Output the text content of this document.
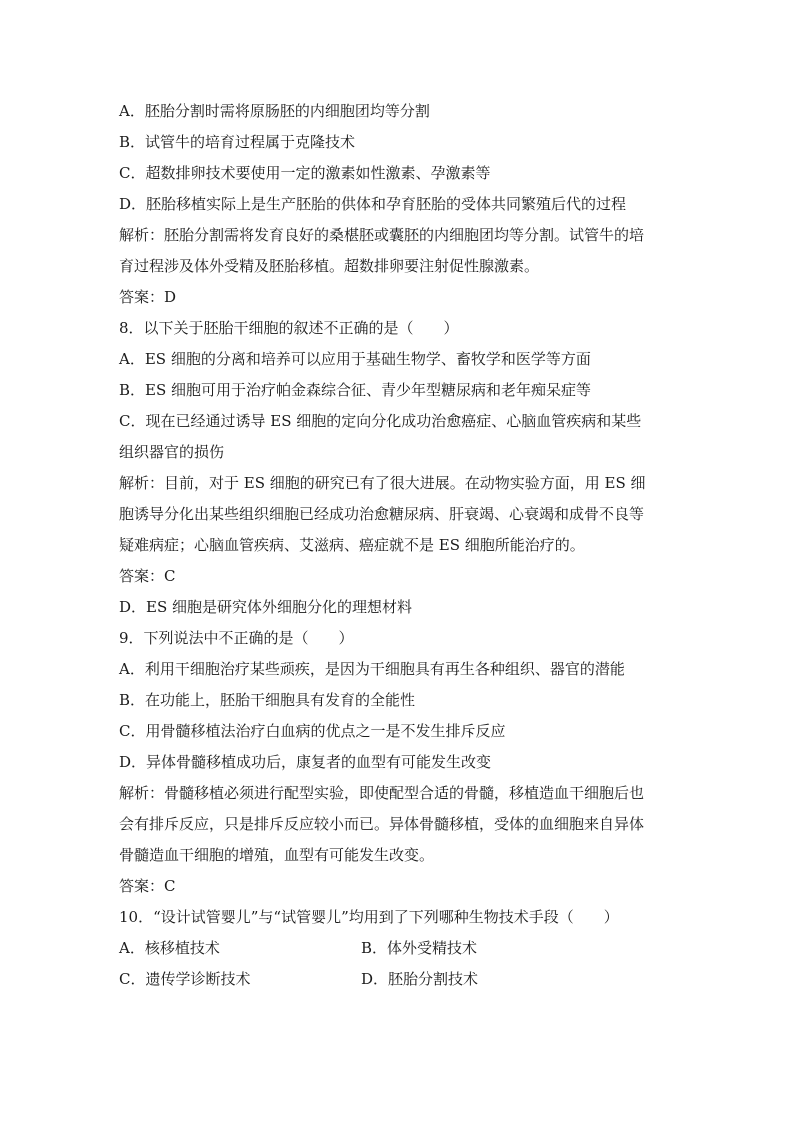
A．胚胎分割时需将原肠胚的内细胞团均等分割
B．试管牛的培育过程属于克隆技术
C．超数排卵技术要使用一定的激素如性激素、孕激素等
D．胚胎移植实际上是生产胚胎的供体和孕育胚胎的受体共同繁殖后代的过程
解析：胚胎分割需将发育良好的桑椹胚或囊胚的内细胞团均等分割。试管牛的培
育过程涉及体外受精及胚胎移植。超数排卵要注射促性腺激素。
答案：D
8．以下关于胚胎干细胞的叙述不正确的是（　　）
A．ES 细胞的分离和培养可以应用于基础生物学、畜牧学和医学等方面
B．ES 细胞可用于治疗帕金森综合征、青少年型糖尿病和老年痴呆症等
C．现在已经通过诱导 ES 细胞的定向分化成功治愈癌症、心脑血管疾病和某些
组织器官的损伤
解析：目前，对于 ES 细胞的研究已有了很大进展。在动物实验方面，用 ES 细
胞诱导分化出某些组织细胞已经成功治愈糖尿病、肝衰竭、心衰竭和成骨不良等
疑难病症；心脑血管疾病、艾滋病、癌症就不是 ES 细胞所能治疗的。
答案：C
D．ES 细胞是研究体外细胞分化的理想材料
9．下列说法中不正确的是（　　）
A．利用干细胞治疗某些顽疾，是因为干细胞具有再生各种组织、器官的潜能
B．在功能上，胚胎干细胞具有发育的全能性
C．用骨髓移植法治疗白血病的优点之一是不发生排斥反应
D．异体骨髓移植成功后，康复者的血型有可能发生改变
解析：骨髓移植必须进行配型实验，即使配型合适的骨髓，移植造血干细胞后也
会有排斥反应，只是排斥反应较小而已。异体骨髓移植，受体的血细胞来自异体
骨髓造血干细胞的增殖，血型有可能发生改变。
答案：C
10．“设计试管婴儿”与“试管婴儿”均用到了下列哪种生物技术手段（　　）
A．核移植技术	B．体外受精技术
C．遗传学诊断技术	D．胚胎分割技术
